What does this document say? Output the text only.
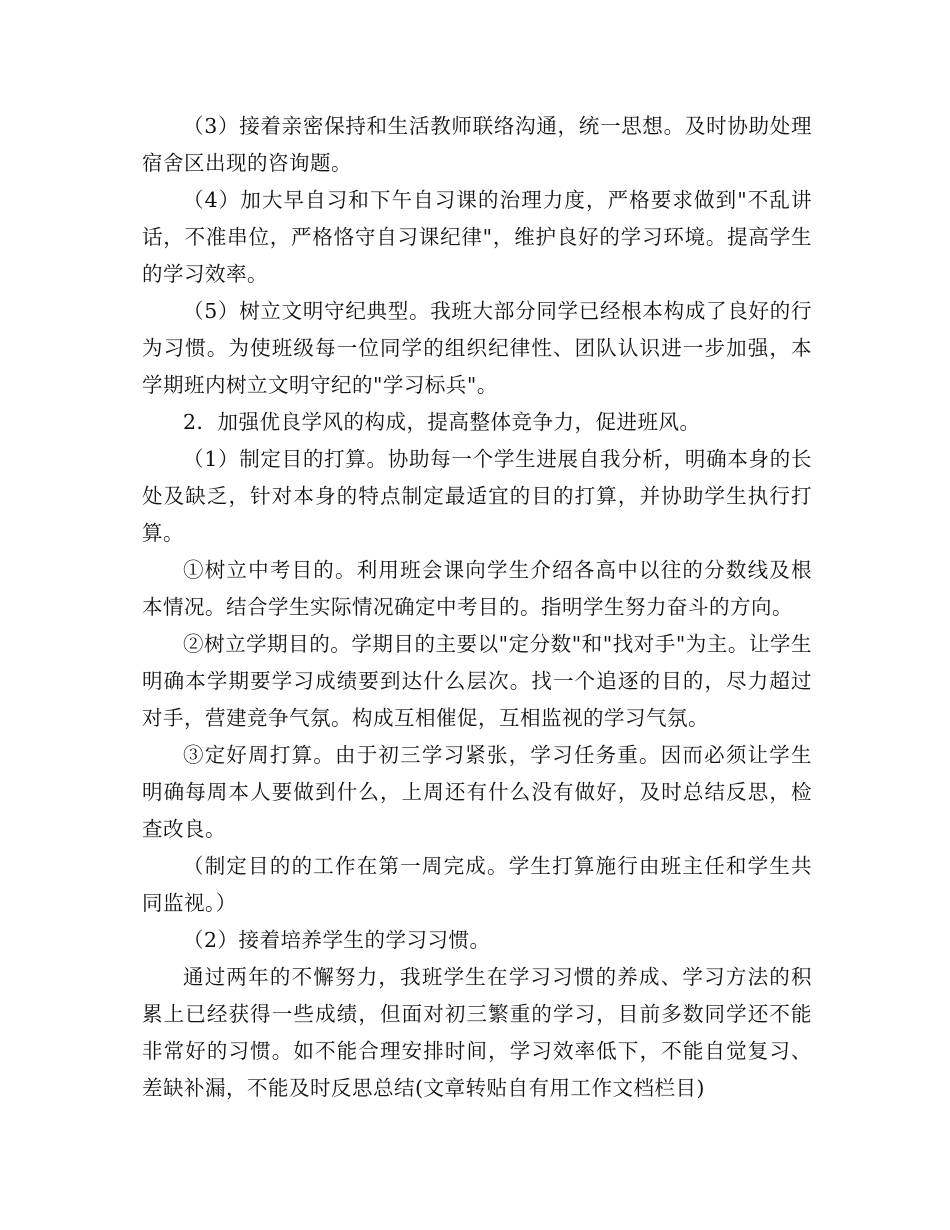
（3）接着亲密保持和生活教师联络沟通，统一思想。及时协助处理宿舍区出现的咨询题。

（4）加大早自习和下午自习课的治理力度，严格要求做到"不乱讲话，不准串位，严格恪守自习课纪律"，维护良好的学习环境。提高学生的学习效率。

（5）树立文明守纪典型。我班大部分同学已经根本构成了良好的行为习惯。为使班级每一位同学的组织纪律性、团队认识进一步加强，本学期班内树立文明守纪的"学习标兵"。

2．加强优良学风的构成，提高整体竞争力，促进班风。

（1）制定目的打算。协助每一个学生进展自我分析，明确本身的长处及缺乏，针对本身的特点制定最适宜的目的打算，并协助学生执行打算。

①树立中考目的。利用班会课向学生介绍各高中以往的分数线及根本情况。结合学生实际情况确定中考目的。指明学生努力奋斗的方向。

②树立学期目的。学期目的主要以"定分数"和"找对手"为主。让学生明确本学期要学习成绩要到达什么层次。找一个追逐的目的，尽力超过对手，营建竞争气氛。构成互相催促，互相监视的学习气氛。

③定好周打算。由于初三学习紧张，学习任务重。因而必须让学生明确每周本人要做到什么，上周还有什么没有做好，及时总结反思，检查改良。

（制定目的的工作在第一周完成。学生打算施行由班主任和学生共同监视。）

（2）接着培养学生的学习习惯。

通过两年的不懈努力，我班学生在学习习惯的养成、学习方法的积累上已经获得一些成绩，但面对初三繁重的学习，目前多数同学还不能非常好的习惯。如不能合理安排时间，学习效率低下，不能自觉复习、差缺补漏，不能及时反思总结(文章转贴自有用工作文档栏目)
